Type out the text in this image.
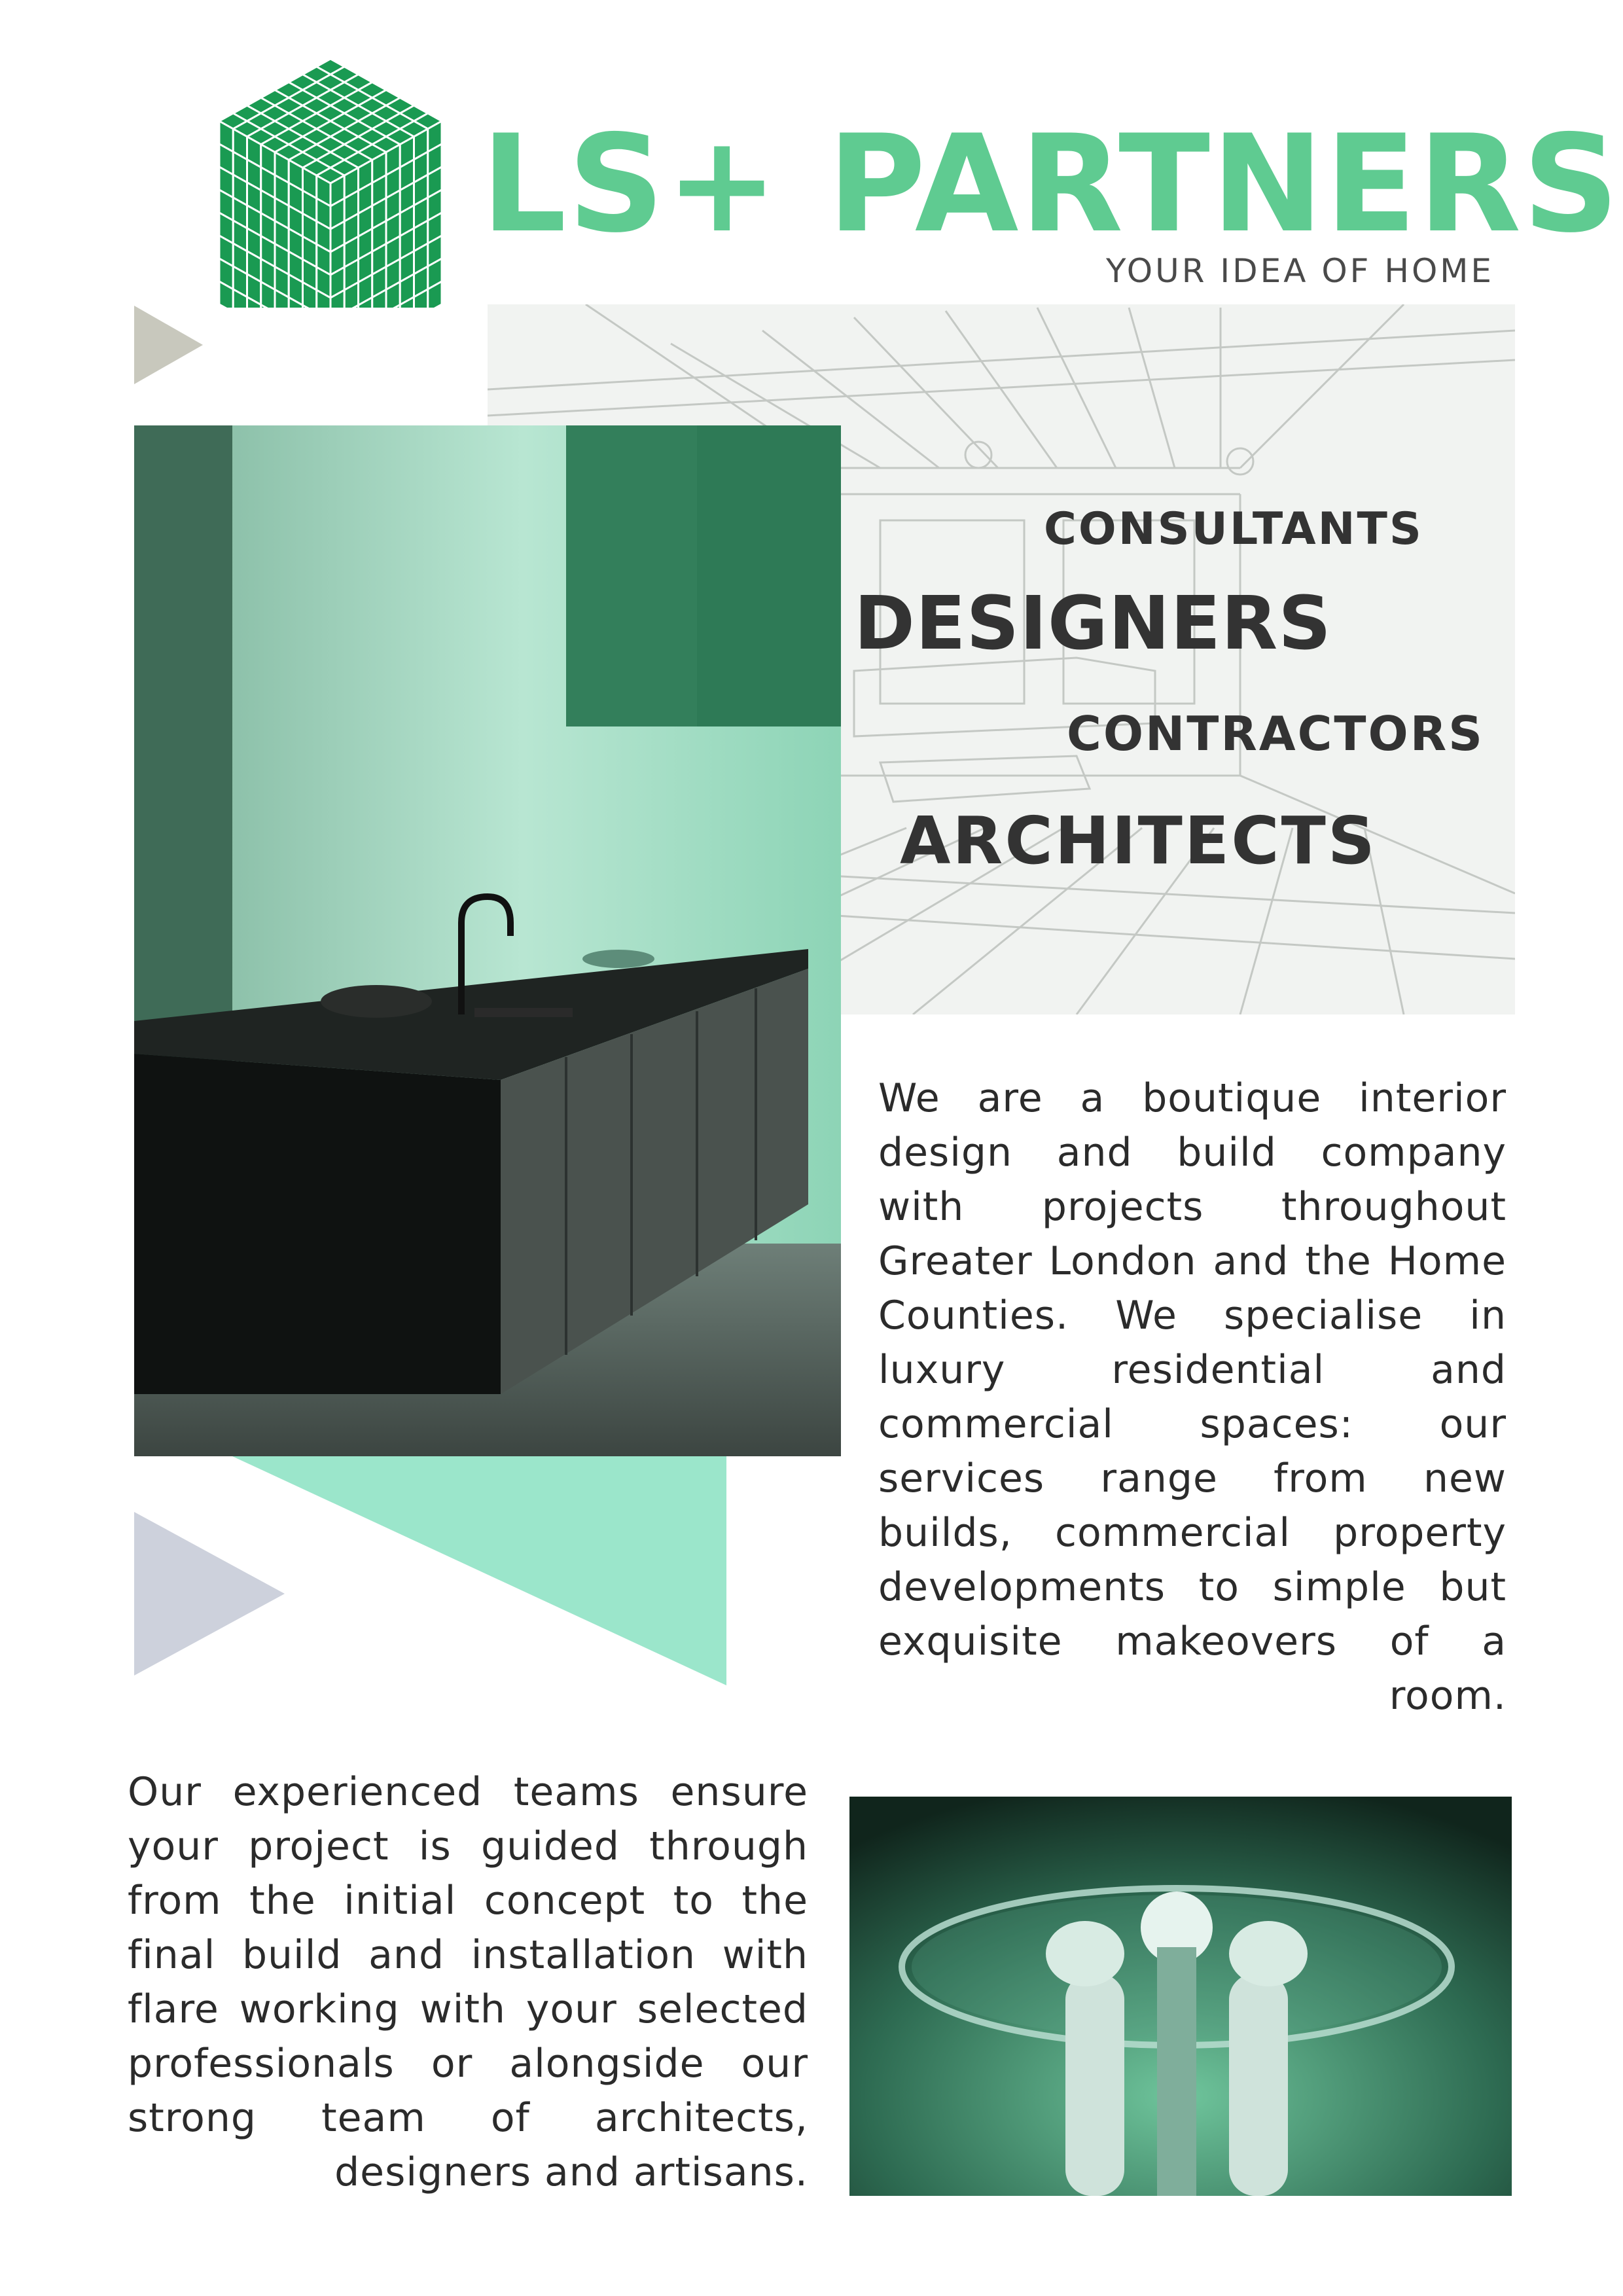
LS+ PARTNERS
YOUR IDEA OF HOME
CONSULTANTS
DESIGNERS
CONTRACTORS
ARCHITECTS
We are a boutique interior design and build company with projects throughout Greater London and the Home Counties. We specialise in luxury residential and commercial spaces: our services range from new builds, commercial property developments to simple but exquisite makeovers of a room.
Our experienced teams ensure your project is guided through from the initial concept to the final build and installation with flare working with your selected professionals or alongside our strong team of architects, designers and artisans.
